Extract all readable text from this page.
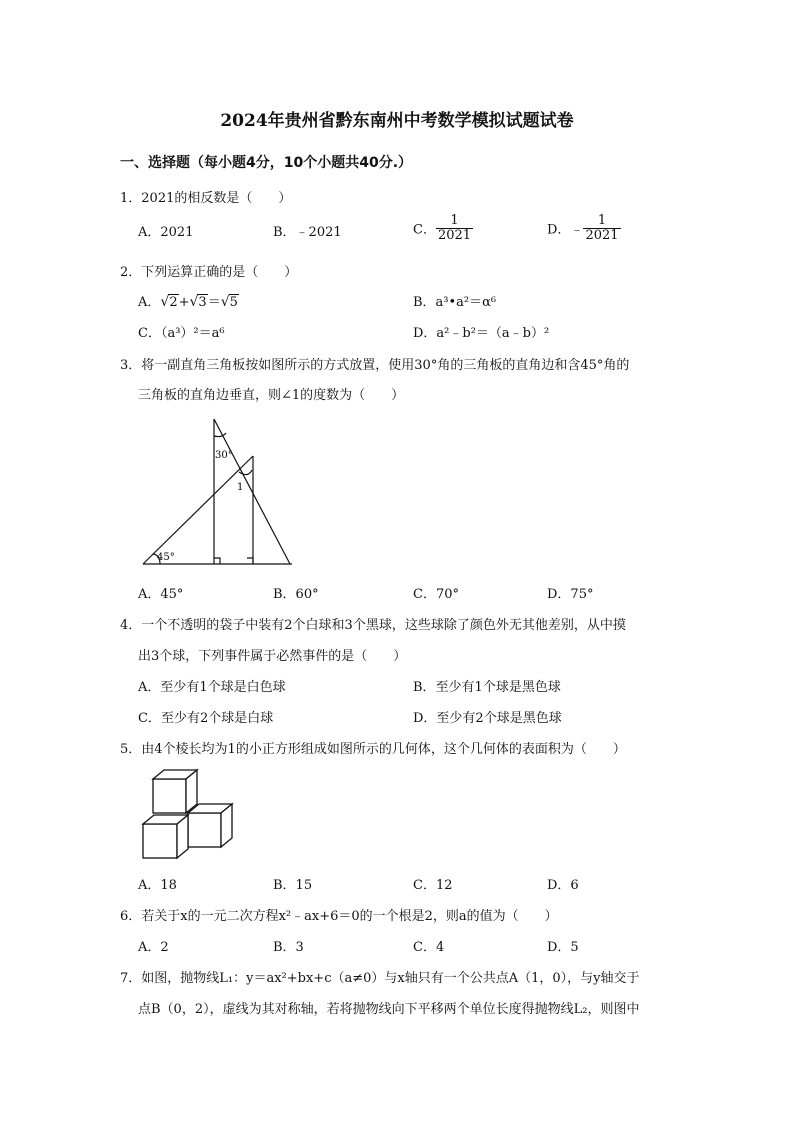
2024年贵州省黔东南州中考数学模拟试题试卷
一、选择题（每小题4分，10个小题共40分.）
1．2021的相反数是（　　）
A．2021	B．﹣2021	C． $\frac{1}{2021}$	D．﹣ $\frac{1}{2021}$
2．下列运算正确的是（　　）
A．√2+√3＝√5	B．a³•a²＝α⁶
C．（a³）²＝a⁶	D．a²﹣b²＝（a﹣b）²
3．将一副直角三角板按如图所示的方式放置，使用30°角的三角板的直角边和含45°角的
三角板的直角边垂直，则∠1的度数为（　　）
30°
1
45°
A．45°	B．60°	C．70°	D．75°
4．一个不透明的袋子中装有2个白球和3个黑球，这些球除了颜色外无其他差别，从中摸
出3个球，下列事件属于必然事件的是（　　）
A．至少有1个球是白色球	B．至少有1个球是黑色球
C．至少有2个球是白球	D．至少有2个球是黑色球
5．由4个棱长均为1的小正方形组成如图所示的几何体，这个几何体的表面积为（　　）
A．18	B．15	C．12	D．6
6．若关于x的一元二次方程x²﹣ax+6＝0的一个根是2，则a的值为（　　）
A．2	B．3	C．4	D．5
7．如图，抛物线L₁：y＝ax²+bx+c（a≠0）与x轴只有一个公共点A（1，0），与y轴交于
点B（0，2），虚线为其对称轴，若将抛物线向下平移两个单位长度得抛物线L₂，则图中
